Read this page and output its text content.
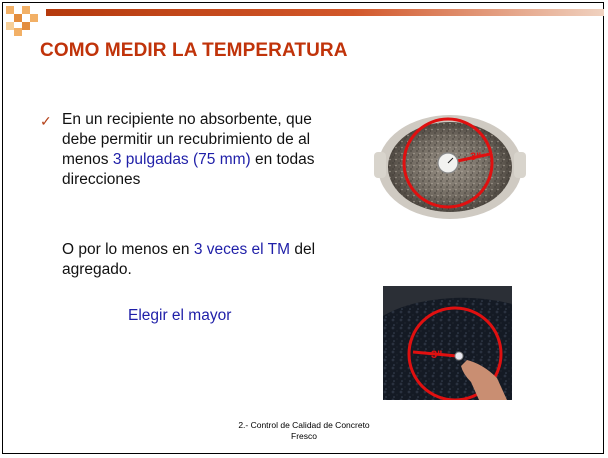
COMO MEDIR LA TEMPERATURA
✓ En un recipiente no absorbente, que debe permitir un recubrimiento de al menos 3 pulgadas (75 mm) en todas direcciones
O por lo menos en 3 veces el TM del agregado.
Elegir el mayor
3"
3"
2.- Control de Calidad de Concreto
Fresco
